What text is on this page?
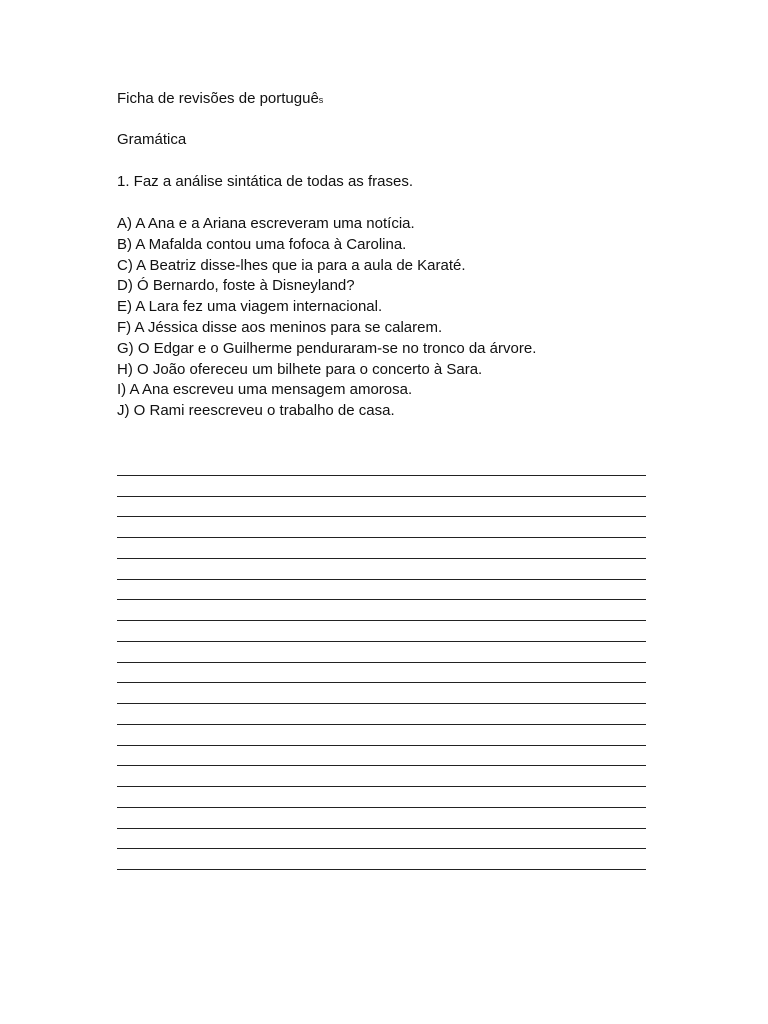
Ficha de revisões de português
Gramática
1. Faz a análise sintática de todas as frases.
A) A Ana e a Ariana escreveram uma notícia.
B) A Mafalda contou uma fofoca à Carolina.
C) A Beatriz disse-lhes que ia para a aula de Karaté.
D) Ó Bernardo, foste à Disneyland?
E) A Lara fez uma viagem internacional.
F) A Jéssica disse aos meninos para se calarem.
G) O Edgar e o Guilherme penduraram-se no tronco da árvore.
H) O João ofereceu um bilhete para o concerto à Sara.
I) A Ana escreveu uma mensagem amorosa.
J) O Rami reescreveu o trabalho de casa.
